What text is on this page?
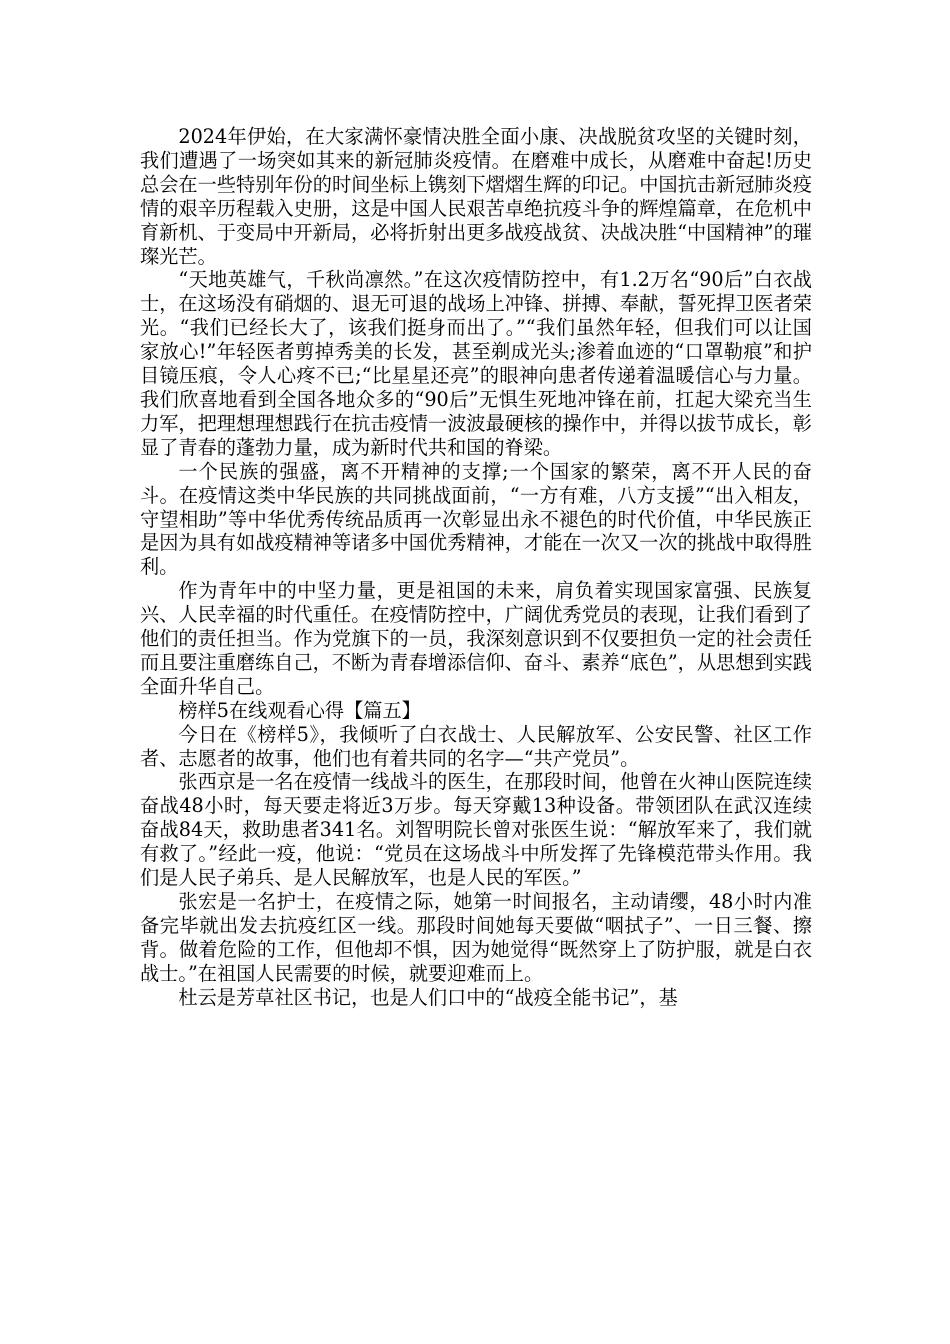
2024年伊始，在大家满怀豪情决胜全面小康、决战脱贫攻坚的关键时刻，我们遭遇了一场突如其来的新冠肺炎疫情。在磨难中成长，从磨难中奋起!历史总会在一些特别年份的时间坐标上镌刻下熠熠生辉的印记。中国抗击新冠肺炎疫情的艰辛历程载入史册，这是中国人民艰苦卓绝抗疫斗争的辉煌篇章，在危机中育新机、于变局中开新局，必将折射出更多战疫战贫、决战决胜“中国精神”的璀璨光芒。

“天地英雄气，千秋尚凛然。”在这次疫情防控中，有1.2万名“90后”白衣战士，在这场没有硝烟的、退无可退的战场上冲锋、拼搏、奉献，誓死捍卫医者荣光。“我们已经长大了，该我们挺身而出了。”“我们虽然年轻，但我们可以让国家放心!”年轻医者剪掉秀美的长发，甚至剃成光头;渗着血迹的“口罩勒痕”和护目镜压痕，令人心疼不已;“比星星还亮”的眼神向患者传递着温暖信心与力量。我们欣喜地看到全国各地众多的“90后”无惧生死地冲锋在前，扛起大梁充当生力军，把理想理想践行在抗击疫情一波波最硬核的操作中，并得以拔节成长，彰显了青春的蓬勃力量，成为新时代共和国的脊梁。

一个民族的强盛，离不开精神的支撑;一个国家的繁荣，离不开人民的奋斗。在疫情这类中华民族的共同挑战面前，“一方有难，八方支援”“出入相友，守望相助”等中华优秀传统品质再一次彰显出永不褪色的时代价值，中华民族正是因为具有如战疫精神等诸多中国优秀精神，才能在一次又一次的挑战中取得胜利。

作为青年中的中坚力量，更是祖国的未来，肩负着实现国家富强、民族复兴、人民幸福的时代重任。在疫情防控中，广阔优秀党员的表现，让我们看到了他们的责任担当。作为党旗下的一员，我深刻意识到不仅要担负一定的社会责任而且要注重磨练自己，不断为青春增添信仰、奋斗、素养“底色”，从思想到实践全面升华自己。

榜样5在线观看心得【篇五】

今日在《榜样5》，我倾听了白衣战士、人民解放军、公安民警、社区工作者、志愿者的故事，他们也有着共同的名字—“共产党员”。

张西京是一名在疫情一线战斗的医生，在那段时间，他曾在火神山医院连续奋战48小时，每天要走将近3万步。每天穿戴13种设备。带领团队在武汉连续奋战84天，救助患者341名。刘智明院长曾对张医生说：“解放军来了，我们就有救了。”经此一疫，他说：“党员在这场战斗中所发挥了先锋模范带头作用。我们是人民子弟兵、是人民解放军，也是人民的军医。”

张宏是一名护士，在疫情之际，她第一时间报名，主动请缨，48小时内准备完毕就出发去抗疫红区一线。那段时间她每天要做“咽拭子”、一日三餐、擦背。做着危险的工作，但他却不惧，因为她觉得“既然穿上了防护服，就是白衣战士。”在祖国人民需要的时候，就要迎难而上。

杜云是芳草社区书记，也是人们口中的“战疫全能书记”，基
